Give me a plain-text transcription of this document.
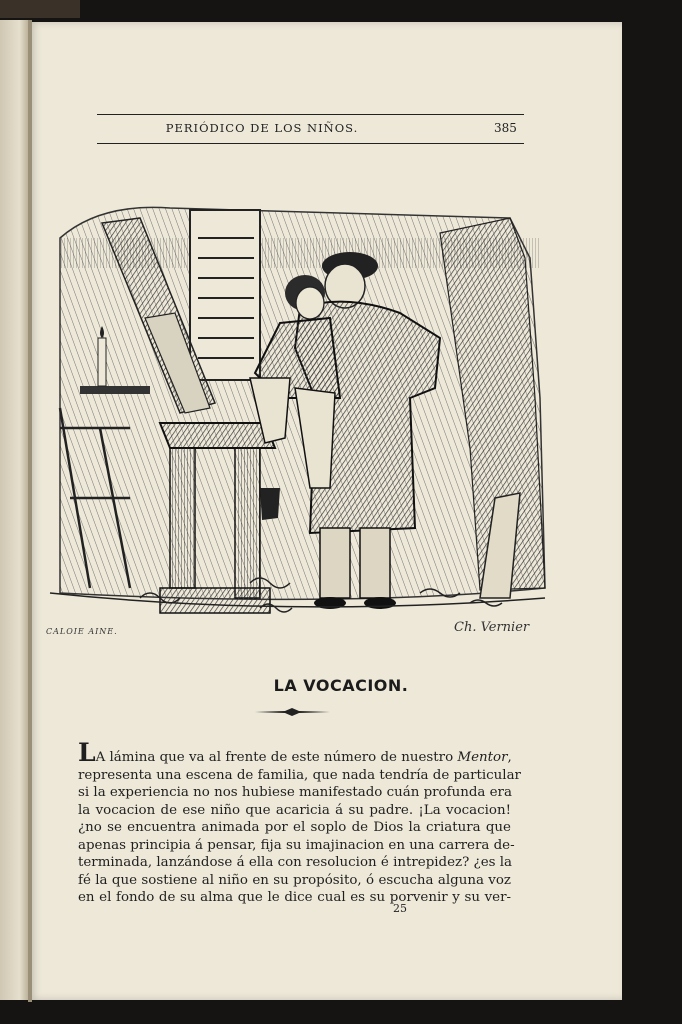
PERIÓDICO DE LOS NIÑOS.	385
CALOIE AINE.	Ch. Vernier
LA VOCACION.
LA lámina que va al frente de este número de nuestro Mentor,
representa una escena de familia, que nada tendría de particular
si la experiencia no nos hubiese manifestado cuán profunda era
la vocacion de ese niño que acaricia á su padre. ¡La vocacion!
¿no se encuentra animada por el soplo de Dios la criatura que
apenas principia á pensar, fija su imajinacion en una carrera de-
terminada, lanzándose á ella con resolucion é intrepidez? ¿es la
fé la que sostiene al niño en su propósito, ó escucha alguna voz
en el fondo de su alma que le dice cual es su porvenir y su ver-
25
